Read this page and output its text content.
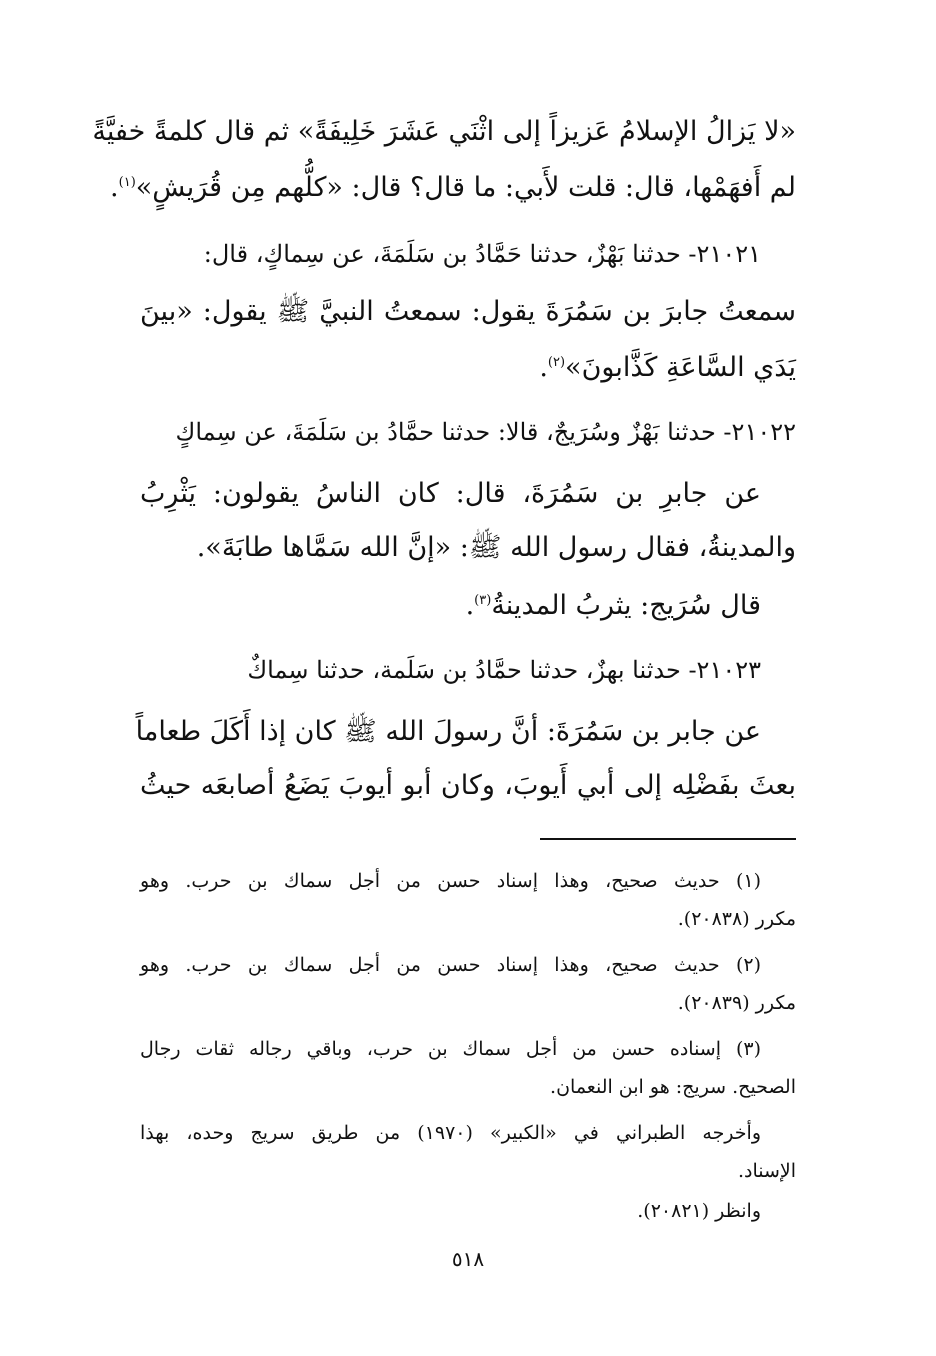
«لا يَزالُ الإسلامُ عَزيزاً إلى اثْنَي عَشَرَ خَلِيفَةً» ثم قال كلمةً خفيَّةً
لم أَفهَمْها، قال: قلت لأَبي: ما قال؟ قال: «كلُّهم مِن قُرَيشٍ»$^{(١)}$.
٢١٠٢١- حدثنا بَهْزٌ، حدثنا حَمَّادُ بن سَلَمَةَ، عن سِماكٍ، قال:
سمعتُ جابرَ بن سَمُرَةَ يقول: سمعتُ النبيَّ ﷺ يقول: «بينَ
يَدَي السَّاعَةِ كَذَّابونَ»$^{(٢)}$.
٢١٠٢٢- حدثنا بَهْزٌ وسُرَيجٌ، قالا: حدثنا حمَّادُ بن سَلَمَةَ، عن سِماكٍ
عن جابرِ بن سَمُرَةَ، قال: كان الناسُ يقولون: يَثْرِبُ
والمدينةُ، فقال رسول الله ﷺ: «إنَّ الله سَمَّاها طابَةَ».
قال سُرَيج: يثربُ المدينةُ$^{(٣)}$.
٢١٠٢٣- حدثنا بهزٌ، حدثنا حمَّادُ بن سَلَمة، حدثنا سِماكٌ
عن جابر بن سَمُرَةَ: أنَّ رسولَ الله ﷺ كان إذا أَكَلَ طعاماً
بعثَ بفَضْلِه إلى أبي أَيوبَ، وكان أبو أيوبَ يَضَعُ أصابعَه حيثُ
(١) حديث صحيح، وهذا إسناد حسن من أجل سماك بن حرب. وهو
مكرر (٢٠٨٣٨).
(٢) حديث صحيح، وهذا إسناد حسن من أجل سماك بن حرب. وهو
مكرر (٢٠٨٣٩).
(٣) إسناده حسن من أجل سماك بن حرب، وباقي رجاله ثقات رجال
الصحيح. سريج: هو ابن النعمان.
وأخرجه الطبراني في «الكبير» (١٩٧٠) من طريق سريج وحده، بهذا
الإسناد.
وانظر (٢٠٨٢١).
٥١٨
